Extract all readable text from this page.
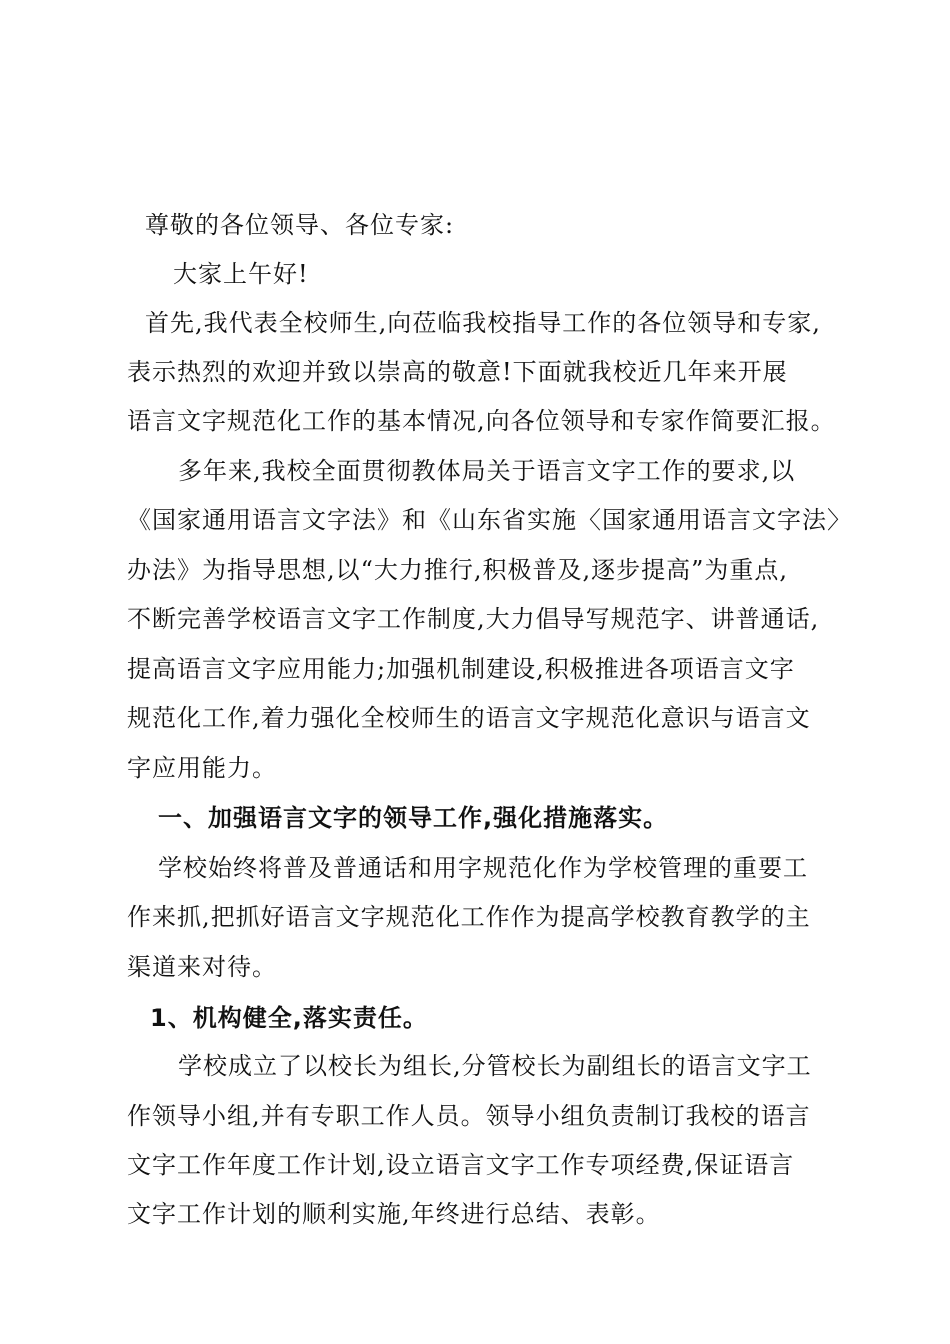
尊敬的各位领导、各位专家:

大家上午好!

首先,我代表全校师生,向莅临我校指导工作的各位领导和专家,

表示热烈的欢迎并致以崇高的敬意!下面就我校近几年来开展

语言文字规范化工作的基本情况,向各位领导和专家作简要汇报。

多年来,我校全面贯彻教体局关于语言文字工作的要求,以

《国家通用语言文字法》和《山东省实施〈国家通用语言文字法〉

办法》为指导思想,以“大力推行,积极普及,逐步提高”为重点,

不断完善学校语言文字工作制度,大力倡导写规范字、讲普通话,

提高语言文字应用能力;加强机制建设,积极推进各项语言文字

规范化工作,着力强化全校师生的语言文字规范化意识与语言文

字应用能力。

一、加强语言文字的领导工作,强化措施落实。

学校始终将普及普通话和用字规范化作为学校管理的重要工

作来抓,把抓好语言文字规范化工作作为提高学校教育教学的主

渠道来对待。

1、机构健全,落实责任。

学校成立了以校长为组长,分管校长为副组长的语言文字工

作领导小组,并有专职工作人员。领导小组负责制订我校的语言

文字工作年度工作计划,设立语言文字工作专项经费,保证语言

文字工作计划的顺利实施,年终进行总结、表彰。
